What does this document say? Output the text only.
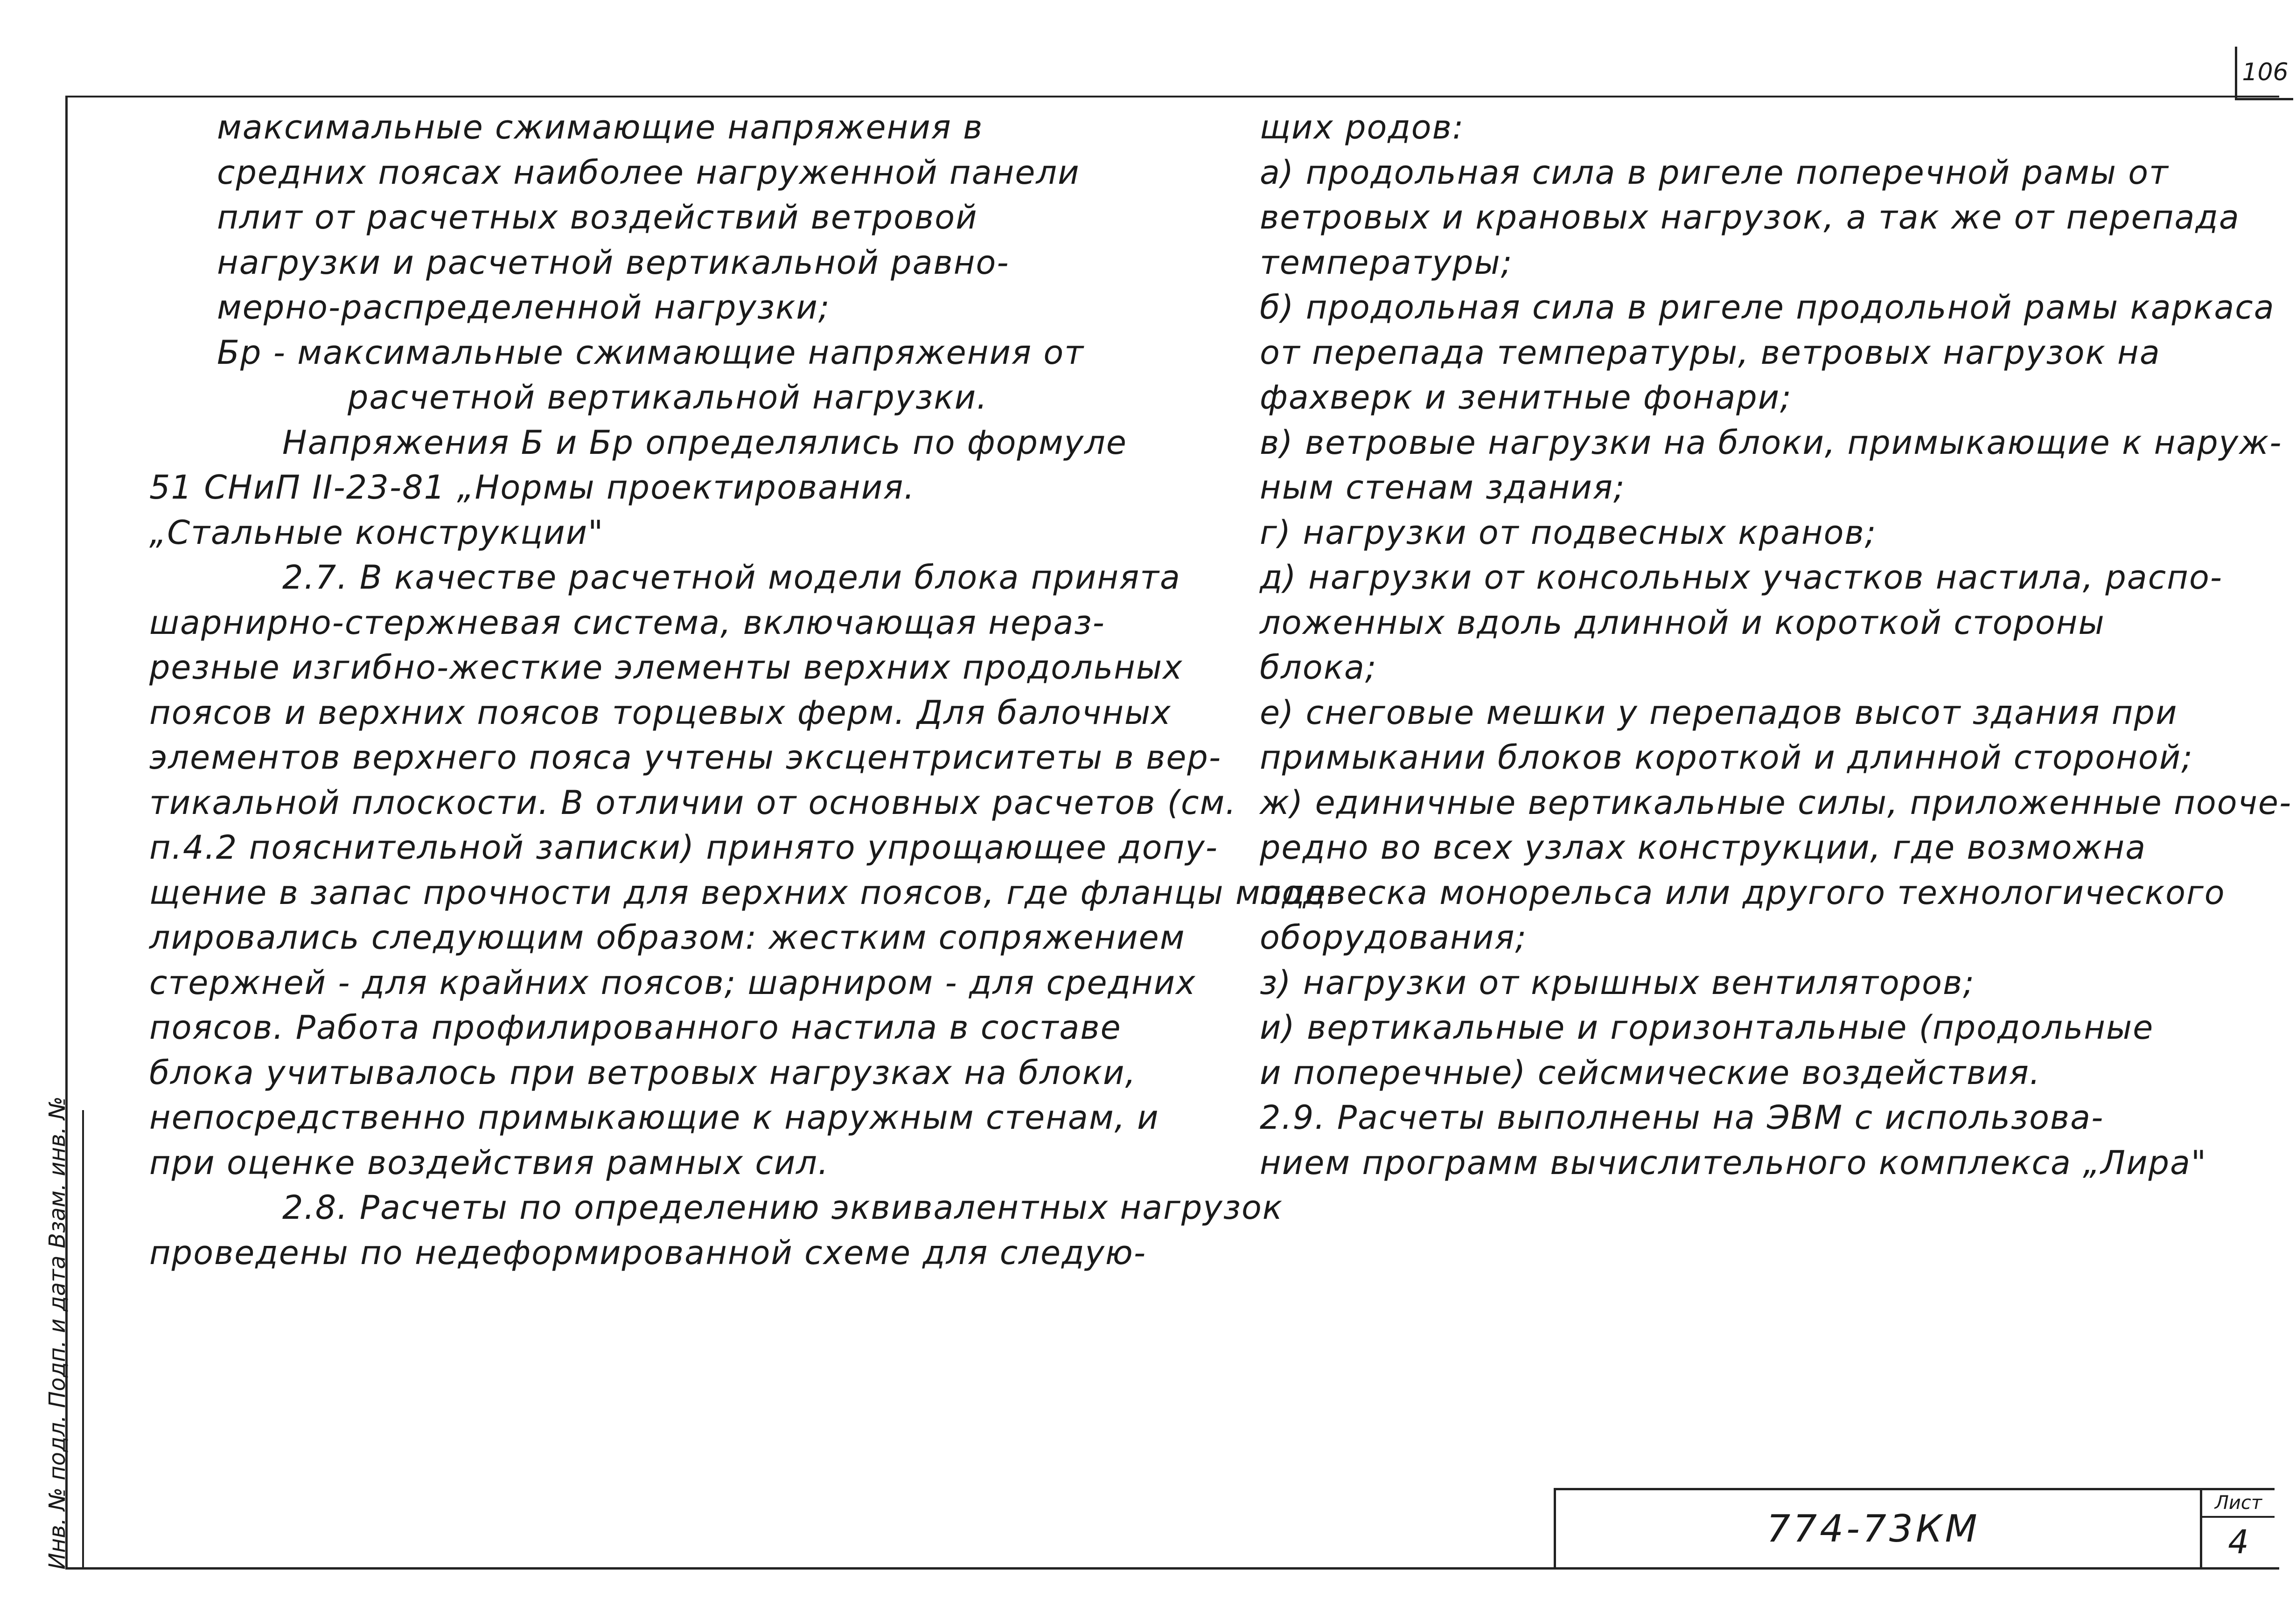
106
максимальные сжимающие напряжения в
средних поясах наиболее нагруженной панели
плит от расчетных воздействий ветровой
нагрузки и расчетной вертикальной равно-
мерно-распределенной нагрузки;
Бр - максимальные сжимающие напряжения от
расчетной вертикальной нагрузки.
Напряжения Б и Бр определялись по формуле
51 СНиП II-23-81 „Нормы проектирования.
„Стальные конструкции"
2.7. В качестве расчетной модели блока принята
шарнирно-стержневая система, включающая нераз-
резные изгибно-жесткие элементы верхних продольных
поясов и верхних поясов торцевых ферм. Для балочных
элементов верхнего пояса учтены эксцентриситеты в вер-
тикальной плоскости. В отличии от основных расчетов (см.
п.4.2 пояснительной записки) принято упрощающее допу-
щение в запас прочности для верхних поясов, где фланцы моде-
лировались следующим образом: жестким сопряжением
стержней - для крайних поясов; шарниром - для средних
поясов. Работа профилированного настила в составе
блока учитывалось при ветровых нагрузках на блоки,
непосредственно примыкающие к наружным стенам, и
при оценке воздействия рамных сил.
2.8. Расчеты по определению эквивалентных нагрузок
проведены по недеформированной схеме для следую-
щих родов:
а) продольная сила в ригеле поперечной рамы от
ветровых и крановых нагрузок, а так же от перепада
температуры;
б) продольная сила в ригеле продольной рамы каркаса
от перепада температуры, ветровых нагрузок на
фахверк и зенитные фонари;
в) ветровые нагрузки на блоки, примыкающие к наруж-
ным стенам здания;
г) нагрузки от подвесных кранов;
д) нагрузки от консольных участков настила, распо-
ложенных вдоль длинной и короткой стороны
блока;
е) снеговые мешки у перепадов высот здания при
примыкании блоков короткой и длинной стороной;
ж) единичные вертикальные силы, приложенные пооче-
редно во всех узлах конструкции, где возможна
подвеска монорельса или другого технологического
оборудования;
з) нагрузки от крышных вентиляторов;
и) вертикальные и горизонтальные (продольные
и поперечные) сейсмические воздействия.
2.9. Расчеты выполнены на ЭВМ с использова-
нием программ вычислительного комплекса „Лира"
774-73КМ
Лист
4
Инв. № подл. Подп. и дата Взам. инв. №
